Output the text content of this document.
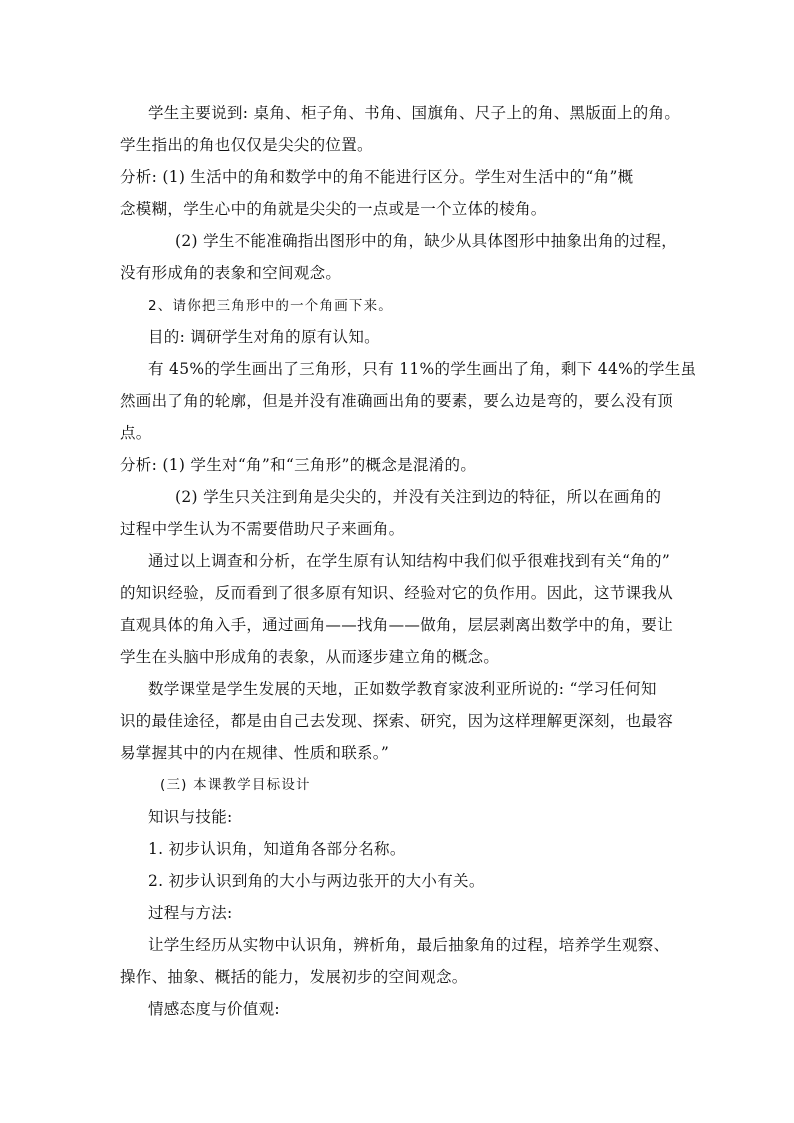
学生主要说到: 桌角、柜子角、书角、国旗角、尺子上的角、黑版面上的角。
学生指出的角也仅仅是尖尖的位置。
分析: (1) 生活中的角和数学中的角不能进行区分。学生对生活中的“角”概
念模糊，学生心中的角就是尖尖的一点或是一个立体的棱角。
(2) 学生不能准确指出图形中的角，缺少从具体图形中抽象出角的过程，
没有形成角的表象和空间观念。
2、请你把三角形中的一个角画下来。
目的: 调研学生对角的原有认知。
有 45%的学生画出了三角形，只有 11%的学生画出了角，剩下 44%的学生虽
然画出了角的轮廓，但是并没有准确画出角的要素，要么边是弯的，要么没有顶
点。
分析: (1) 学生对“角”和“三角形”的概念是混淆的。
(2) 学生只关注到角是尖尖的，并没有关注到边的特征，所以在画角的
过程中学生认为不需要借助尺子来画角。
通过以上调查和分析，在学生原有认知结构中我们似乎很难找到有关“角的”
的知识经验，反而看到了很多原有知识、经验对它的负作用。因此，这节课我从
直观具体的角入手，通过画角——找角——做角，层层剥离出数学中的角，要让
学生在头脑中形成角的表象，从而逐步建立角的概念。
数学课堂是学生发展的天地，正如数学教育家波利亚所说的: “学习任何知
识的最佳途径，都是由自己去发现、探索、研究，因为这样理解更深刻，也最容
易掌握其中的内在规律、性质和联系。”
(三) 本课教学目标设计
知识与技能:
1. 初步认识角，知道角各部分名称。
2. 初步认识到角的大小与两边张开的大小有关。
过程与方法:
让学生经历从实物中认识角，辨析角，最后抽象角的过程，培养学生观察、
操作、抽象、概括的能力，发展初步的空间观念。
情感态度与价值观:
